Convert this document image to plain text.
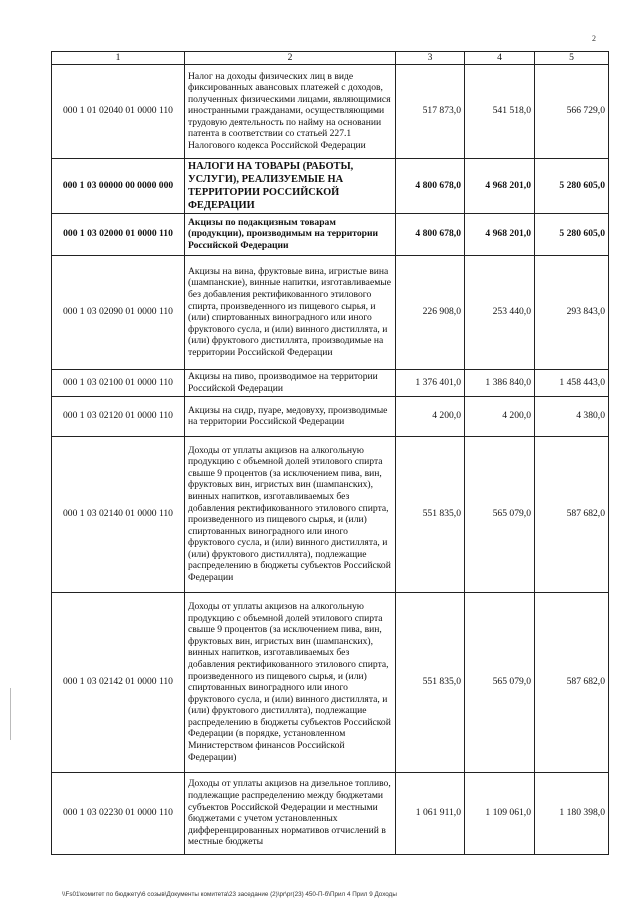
2
1	2	3	4	5
000 1 01 02040 01 0000 110	Налог на доходы физических лиц в виде фиксированных авансовых платежей с доходов, полученных физическими лицами, являющимися иностранными гражданами, осуществляющими трудовую деятельность по найму на основании патента в соответствии со статьей 227.1 Налогового кодекса Российской Федерации	517 873,0	541 518,0	566 729,0
000 1 03 00000 00 0000 000	НАЛОГИ НА ТОВАРЫ (РАБОТЫ, УСЛУГИ), РЕАЛИЗУЕМЫЕ НА ТЕРРИТОРИИ РОССИЙСКОЙ ФЕДЕРАЦИИ	4 800 678,0	4 968 201,0	5 280 605,0
000 1 03 02000 01 0000 110	Акцизы по подакцизным товарам (продукции), производимым на территории Российской Федерации	4 800 678,0	4 968 201,0	5 280 605,0
000 1 03 02090 01 0000 110	Акцизы на вина, фруктовые вина, игристые вина (шампанские), винные напитки, изготавливаемые без добавления ректификованного этилового спирта, произведенного из пищевого сырья, и (или) спиртованных виноградного или иного фруктового сусла, и (или) винного дистиллята, и (или) фруктового дистиллята, производимые на территории Российской Федерации	226 908,0	253 440,0	293 843,0
000 1 03 02100 01 0000 110	Акцизы на пиво, производимое на территории Российской Федерации	1 376 401,0	1 386 840,0	1 458 443,0
000 1 03 02120 01 0000 110	Акцизы на сидр, пуаре, медовуху, производимые на территории Российской Федерации	4 200,0	4 200,0	4 380,0
000 1 03 02140 01 0000 110	Доходы от уплаты акцизов на алкогольную продукцию с объемной долей этилового спирта свыше 9 процентов (за исключением пива, вин, фруктовых вин, игристых вин (шампанских), винных напитков, изготавливаемых без добавления ректификованного этилового спирта, произведенного из пищевого сырья, и (или) спиртованных виноградного или иного фруктового сусла, и (или) винного дистиллята, и (или) фруктового дистиллята), подлежащие распределению в бюджеты субъектов Российской Федерации	551 835,0	565 079,0	587 682,0
000 1 03 02142 01 0000 110	Доходы от уплаты акцизов на алкогольную продукцию с объемной долей этилового спирта свыше 9 процентов (за исключением пива, вин, фруктовых вин, игристых вин (шампанских), винных напитков, изготавливаемых без добавления ректификованного этилового спирта, произведенного из пищевого сырья, и (или) спиртованных виноградного или иного фруктового сусла, и (или) винного дистиллята, и (или) фруктового дистиллята), подлежащие распределению в бюджеты субъектов Российской Федерации (в порядке, установленном Министерством финансов Российской Федерации)	551 835,0	565 079,0	587 682,0
000 1 03 02230 01 0000 110	Доходы от уплаты акцизов на дизельное топливо, подлежащие распределению между бюджетами субъектов Российской Федерации и местными бюджетами с учетом установленных дифференцированных нормативов отчислений в местные бюджеты	1 061 911,0	1 109 061,0	1 180 398,0
\\Fs01\комитет по бюджету\6 созыв\Документы комитета\23 заседание (2)\pr\pr(23) 450-П-б\Прил 4 Прил 9 Доходы
